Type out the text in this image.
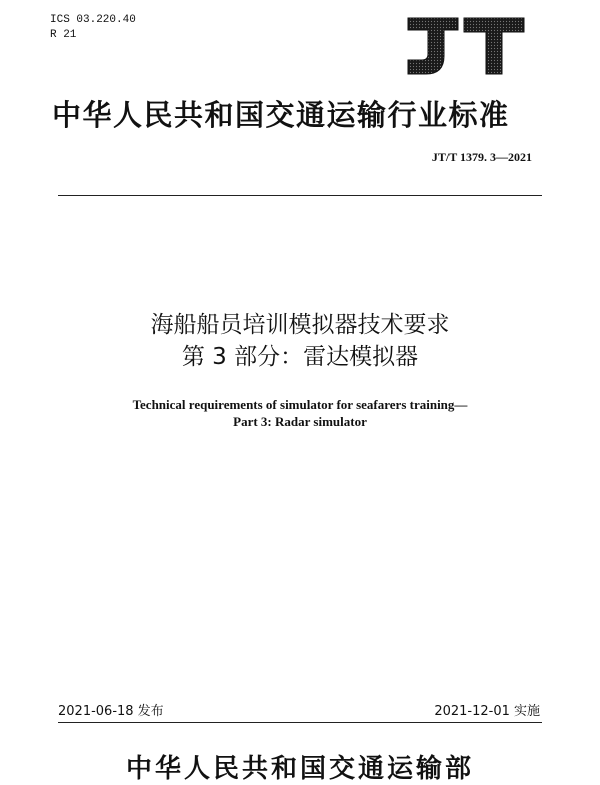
ICS 03.220.40
R 21
JT
中华人民共和国交通运输行业标准
JT/T 1379. 3—2021
海船船员培训模拟器技术要求
第 3 部分：雷达模拟器
Technical requirements of simulator for seafarers training—
Part 3: Radar simulator
2021-06-18 发布	2021-12-01 实施
中华人民共和国交通运输部
